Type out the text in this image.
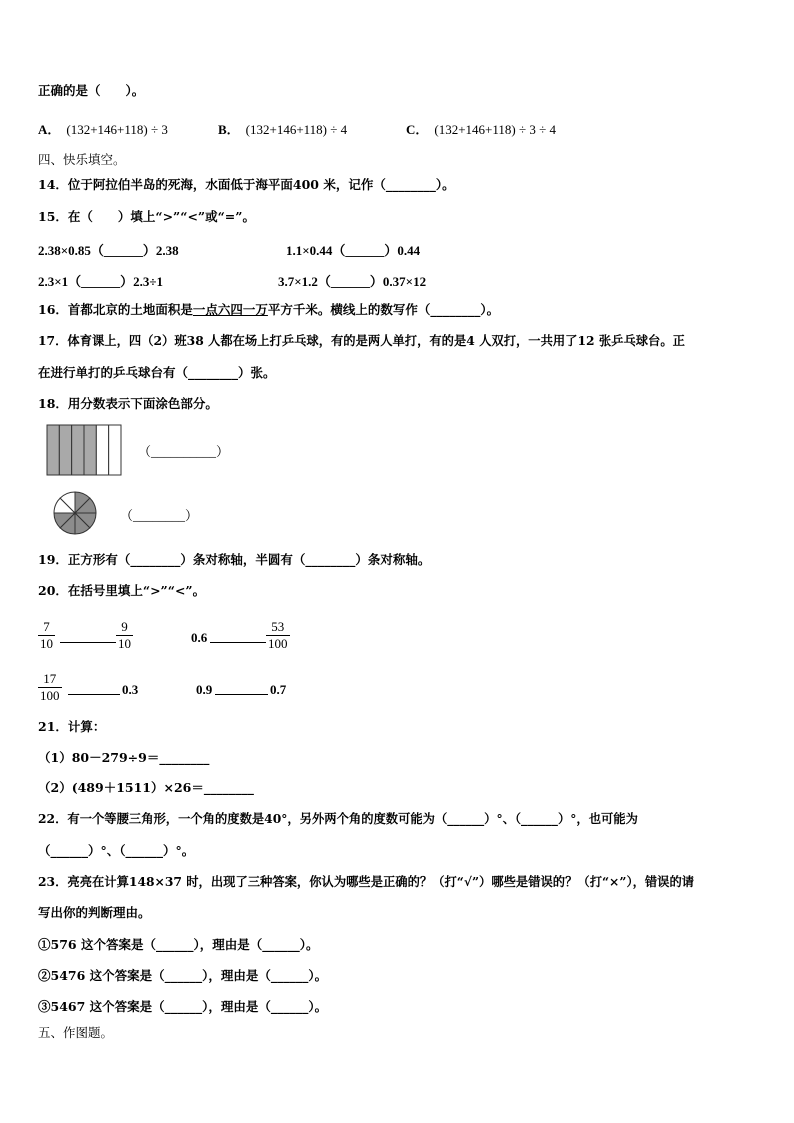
正确的是（　　）。
A． (132+146+118) ÷ 3	B． (132+146+118) ÷ 4	C． (132+146+118) ÷ 3 ÷ 4
四、快乐填空。
14．位于阿拉伯半岛的死海，水面低于海平面400 米，记作（________）。
15．在（　　）填上“>”“<”或“=”。
2.38×0.85（______）2.38	1.1×0.44（______）0.44
2.3×1（______）2.3÷1	3.7×1.2（______）0.37×12
16．首都北京的土地面积是一点六四一万平方千米。横线上的数写作（________）。
17．体育课上，四（2）班38 人都在场上打乒乓球，有的是两人单打，有的是4 人双打，一共用了12 张乒乓球台。正
在进行单打的乒乓球台有（________）张。
18．用分数表示下面涂色部分。
（__________）
（________）
19．正方形有（________）条对称轴，半圆有（________）条对称轴。
20．在括号里填上“>”“<”。
$\frac{7}{10}$	$\frac{9}{10}$	0.6	$\frac{53}{100}$
$\frac{17}{100}$	0.3	0.9	0.7
21．计算：
（1）80－279÷9＝________
（2）(489＋1511）×26＝________
22．有一个等腰三角形，一个角的度数是40°，另外两个角的度数可能为（______）°、（______）°，也可能为
（______）°、（______）°。
23．亮亮在计算148×37 时，出现了三种答案，你认为哪些是正确的？（打“√”）哪些是错误的？（打“×”），错误的请
写出你的判断理由。
①576 这个答案是（______），理由是（______）。
②5476 这个答案是（______），理由是（______）。
③5467 这个答案是（______），理由是（______）。
五、作图题。
